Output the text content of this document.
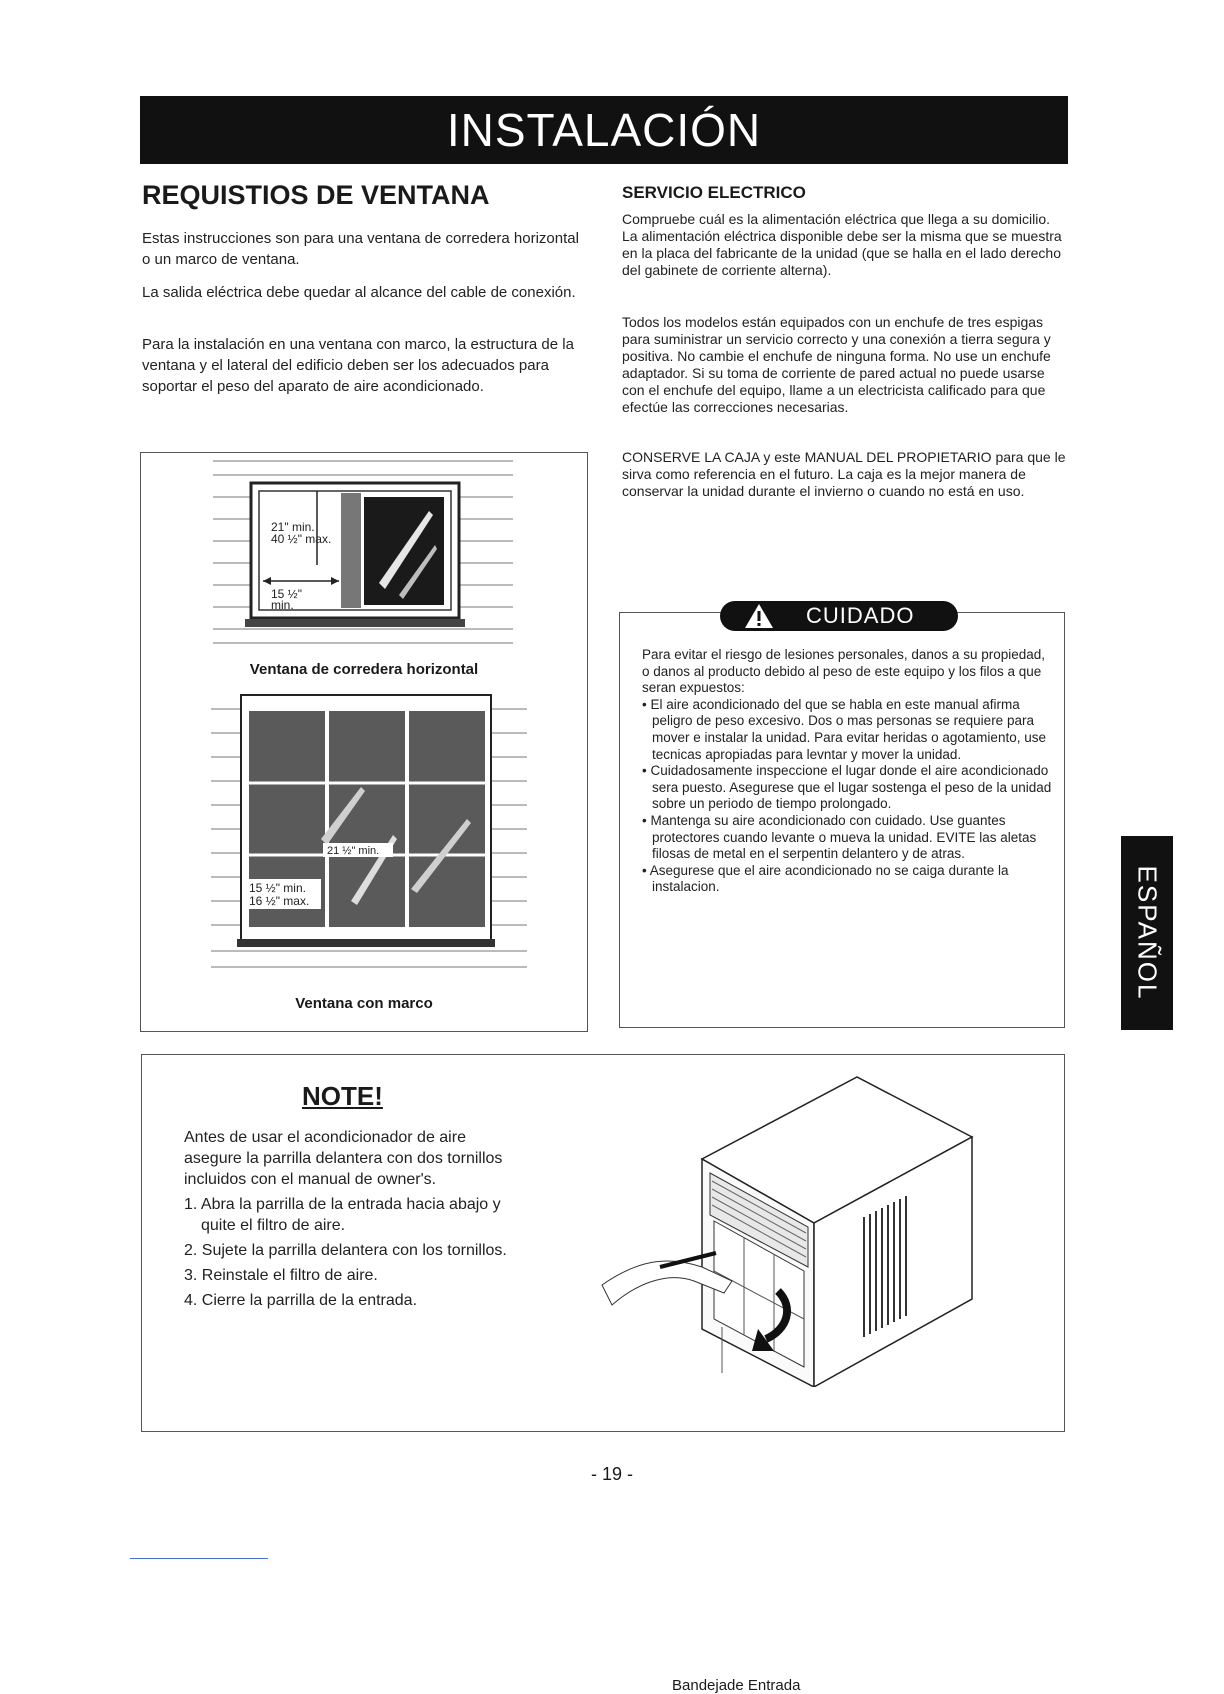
INSTALACIÓN
REQUISTIOS DE VENTANA

Estas instrucciones son para una ventana de corredera horizontal o un marco de ventana.

La salida eléctrica debe quedar al alcance del cable de conexión.

Para la instalación en una ventana con marco, la estructura de la ventana y el lateral del edificio deben ser los adecuados para soportar el peso del aparato de aire acondicionado.

21" min.
40 ½" max.
15 ½"
min.

Ventana de corredera horizontal

21 ½" min.
15 ½" min.
16 ½" max.

Ventana con marco

SERVICIO ELECTRICO

Compruebe cuál es la alimentación eléctrica que llega a su domicilio. La alimentación eléctrica disponible debe ser la misma que se muestra en la placa del fabricante de la unidad (que se halla en el lado derecho del gabinete de corriente alterna).

Todos los modelos están equipados con un enchufe de tres espigas para suministrar un servicio correcto y una conexión a tierra segura y positiva. No cambie el enchufe de ninguna forma. No use un enchufe adaptador. Si su toma de corriente de pared actual no puede usarse con el enchufe del equipo, llame a un electricista calificado para que efectúe las correcciones necesarias.

CONSERVE LA CAJA y este MANUAL DEL PROPIETARIO para que le sirva como referencia en el futuro. La caja es la mejor manera de conservar la unidad durante el invierno o cuando no está en uso.

CUIDADO

Para evitar el riesgo de lesiones personales, danos a su propiedad, o danos al producto debido al peso de este equipo y los filos a que seran expuestos:

• El aire acondicionado del que se habla en este manual afirma peligro de peso excesivo. Dos o mas personas se requiere para mover e instalar la unidad. Para evitar heridas o agotamiento, use tecnicas apropiadas para levntar y mover la unidad.
• Cuidadosamente inspeccione el lugar donde el aire acondicionado sera puesto. Asegurese que el lugar sostenga el peso de la unidad sobre un periodo de tiempo prolongado.
• Mantenga su aire acondicionado con cuidado. Use guantes protectores cuando levante o mueva la unidad. EVITE las aletas filosas de metal en el serpentin delantero y de atras.
• Asegurese que el aire acondicionado no se caiga durante la instalacion.	ESPAÑOL
NOTE!

Antes de usar el acondicionador de aire asegure la parrilla delantera con dos tornillos incluidos con el manual de owner's.

1. Abra la parrilla de la entrada hacia abajo y quite el filtro de aire.
2. Sujete la parrilla delantera con los tornillos.
3. Reinstale el filtro de aire.
4. Cierre la parrilla de la entrada.

Bandejade Entrada

- 19 -
